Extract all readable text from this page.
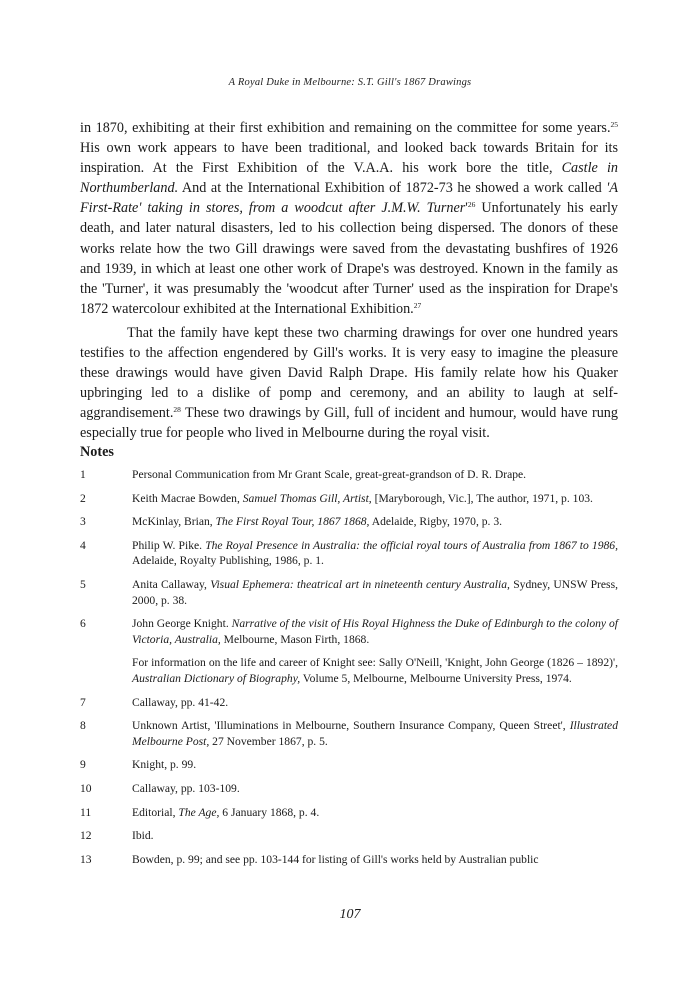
A Royal Duke in Melbourne: S.T. Gill's 1867 Drawings

in 1870, exhibiting at their first exhibition and remaining on the committee for some years.$^{25}$ His own work appears to have been traditional, and looked back towards Britain for its inspiration. At the First Exhibition of the V.A.A. his work bore the title, Castle in Northumberland. And at the International Exhibition of 1872-73 he showed a work called 'A First-Rate' taking in stores, from a woodcut after J.M.W. $Turner'^{26}$ Unfortunately his early death, and later natural disasters, led to his collection being dispersed. The donors of these works relate how the two Gill drawings were saved from the devastating bushfires of 1926 and 1939, in which at least one other work of Drape's was destroyed. Known in the family as the 'Turner', it was presumably the 'woodcut after Turner' used as the inspiration for Drape's 1872 watercolour exhibited at the International Exhibition.$^{27}$

That the family have kept these two charming drawings for over one hundred years testifies to the affection engendered by Gill's works. It is very easy to imagine the pleasure these drawings would have given David Ralph Drape. His family relate how his Quaker upbringing led to a dislike of pomp and ceremony, and an ability to laugh at self-aggrandisement.$^{28}$ These two drawings by Gill, full of incident and humour, would have rung especially true for people who lived in Melbourne during the royal visit.

Notes
1	Personal Communication from Mr Grant Scale, great-great-grandson of D. R. Drape.
2	Keith Macrae Bowden, Samuel Thomas Gill, Artist, [Maryborough, Vic.], The author, 1971, p. 103.
3	McKinlay, Brian, The First Royal Tour, 1867 1868, Adelaide, Rigby, 1970, p. 3.
4	Philip W. Pike. The Royal Presence in Australia: the official royal tours of Australia from 1867 to 1986, Adelaide, Royalty Publishing, 1986, p. 1.
5	Anita Callaway, Visual Ephemera: theatrical art in nineteenth century Australia, Sydney, UNSW Press, 2000, p. 38.
6	John George Knight. Narrative of the visit of His Royal Highness the Duke of Edinburgh to the colony of Victoria, Australia, Melbourne, Mason Firth, 1868.
For information on the life and career of Knight see: Sally O'Neill, 'Knight, John George (1826 – 1892)', Australian Dictionary of Biography, Volume 5, Melbourne, Melbourne University Press, 1974.
7	Callaway, pp. 41-42.
8	Unknown Artist, 'Illuminations in Melbourne, Southern Insurance Company, Queen Street', Illustrated Melbourne Post, 27 November 1867, p. 5.
9	Knight, p. 99.
10	Callaway, pp. 103-109.
11	Editorial, The Age, 6 January 1868, p. 4.
12	Ibid.
13	Bowden, p. 99; and see pp. 103-144 for listing of Gill's works held by Australian public
107
